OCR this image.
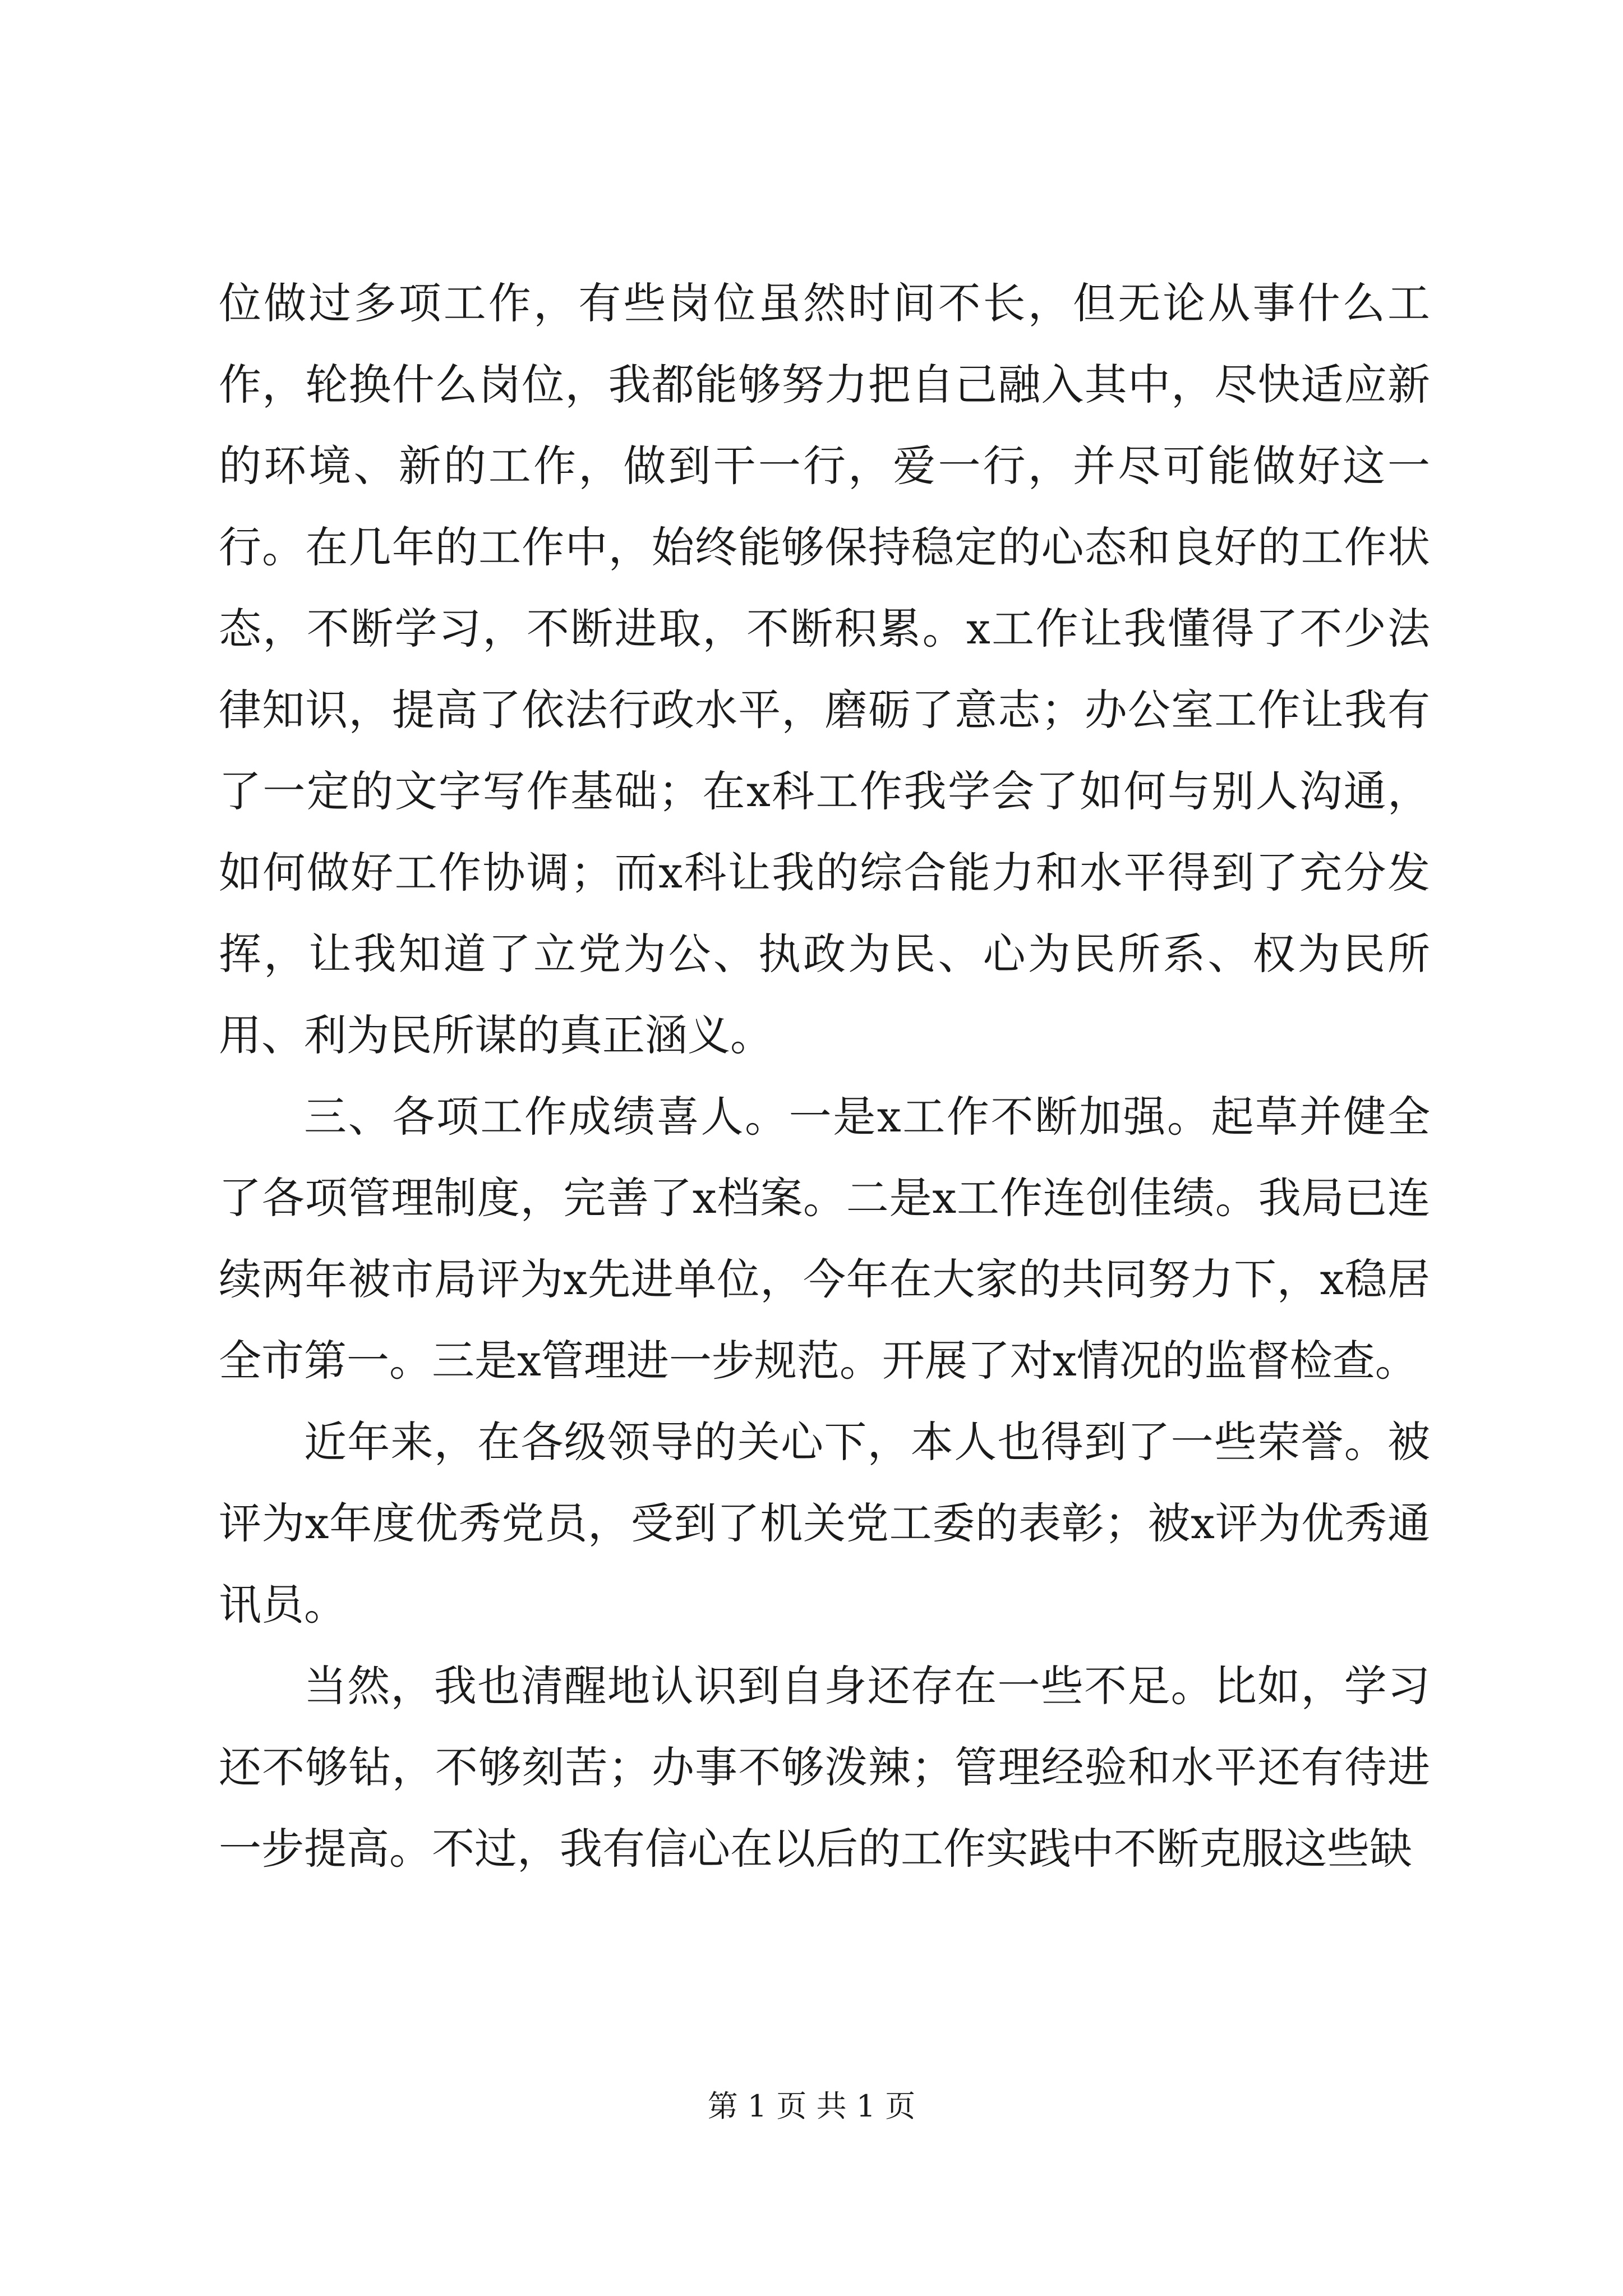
位做过多项工作，有些岗位虽然时间不长，但无论从事什么工作，轮换什么岗位，我都能够努力把自己融入其中，尽快适应新的环境、新的工作，做到干一行，爱一行，并尽可能做好这一行。在几年的工作中，始终能够保持稳定的心态和良好的工作状态，不断学习，不断进取，不断积累。x工作让我懂得了不少法律知识，提高了依法行政水平，磨砺了意志；办公室工作让我有了一定的文字写作基础；在x科工作我学会了如何与别人沟通，如何做好工作协调；而x科让我的综合能力和水平得到了充分发挥，让我知道了立党为公、执政为民、心为民所系、权为民所用、利为民所谋的真正涵义。

三、各项工作成绩喜人。一是x工作不断加强。起草并健全了各项管理制度，完善了x档案。二是x工作连创佳绩。我局已连续两年被市局评为x先进单位，今年在大家的共同努力下，x稳居全市第一。三是x管理进一步规范。开展了对x情况的监督检查。

近年来，在各级领导的关心下，本人也得到了一些荣誉。被评为x年度优秀党员，受到了机关党工委的表彰；被x评为优秀通讯员。

当然，我也清醒地认识到自身还存在一些不足。比如，学习还不够钻，不够刻苦；办事不够泼辣；管理经验和水平还有待进一步提高。不过，我有信心在以后的工作实践中不断克服这些缺

第 1 页 共 1 页
